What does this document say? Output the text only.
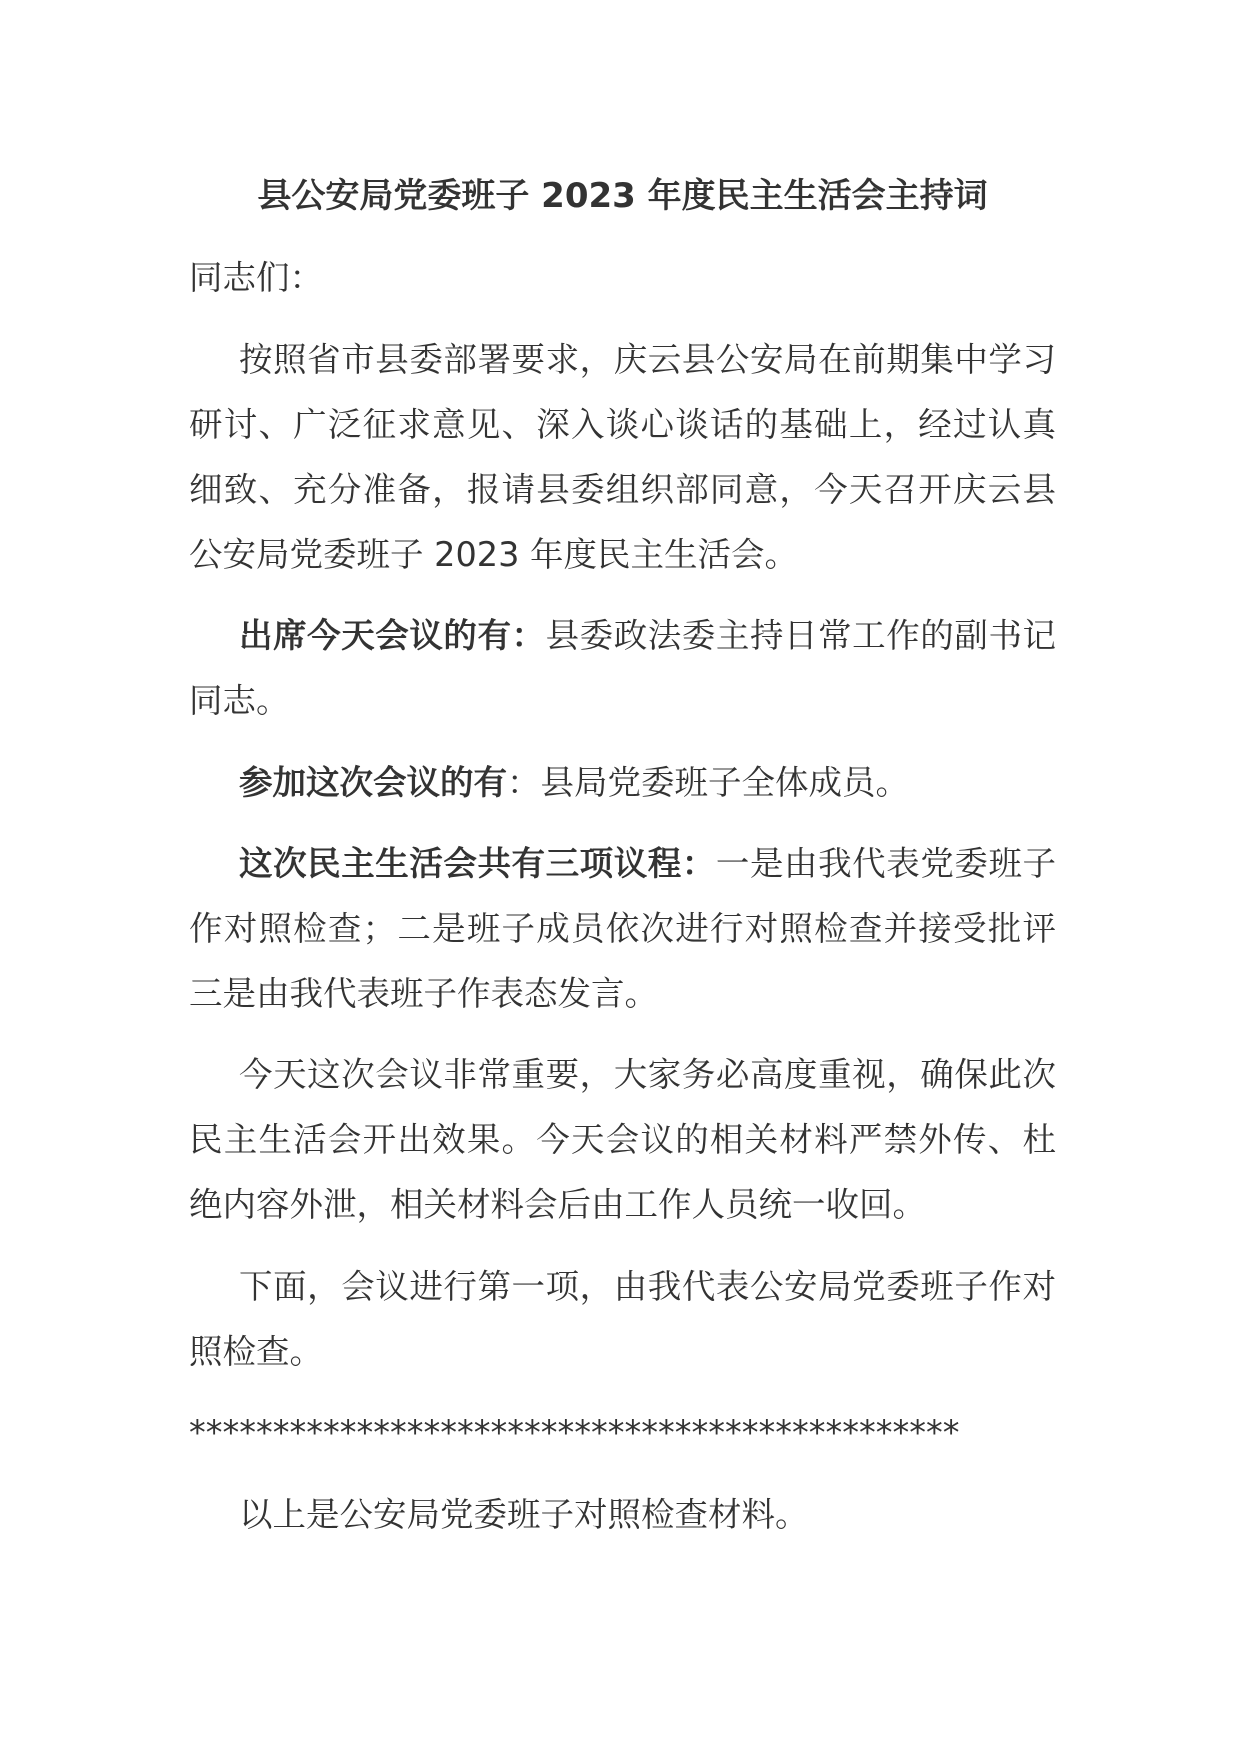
县公安局党委班子 2023 年度民主生活会主持词

同志们：

按照省市县委部署要求，庆云县公安局在前期集中学习
研讨、广泛征求意见、深入谈心谈话的基础上，经过认真
细致、充分准备，报请县委组织部同意，今天召开庆云县
公安局党委班子 2023 年度民主生活会。

出席今天会议的有：县委政法委主持日常工作的副书记
同志。

参加这次会议的有：县局党委班子全体成员。

这次民主生活会共有三项议程：一是由我代表党委班子
作对照检查；二是班子成员依次进行对照检查并接受批评
三是由我代表班子作表态发言。

今天这次会议非常重要，大家务必高度重视，确保此次
民主生活会开出效果。今天会议的相关材料严禁外传、杜
绝内容外泄，相关材料会后由工作人员统一收回。

下面，会议进行第一项，由我代表公安局党委班子作对
照检查。

**********************************************

以上是公安局党委班子对照检查材料。
